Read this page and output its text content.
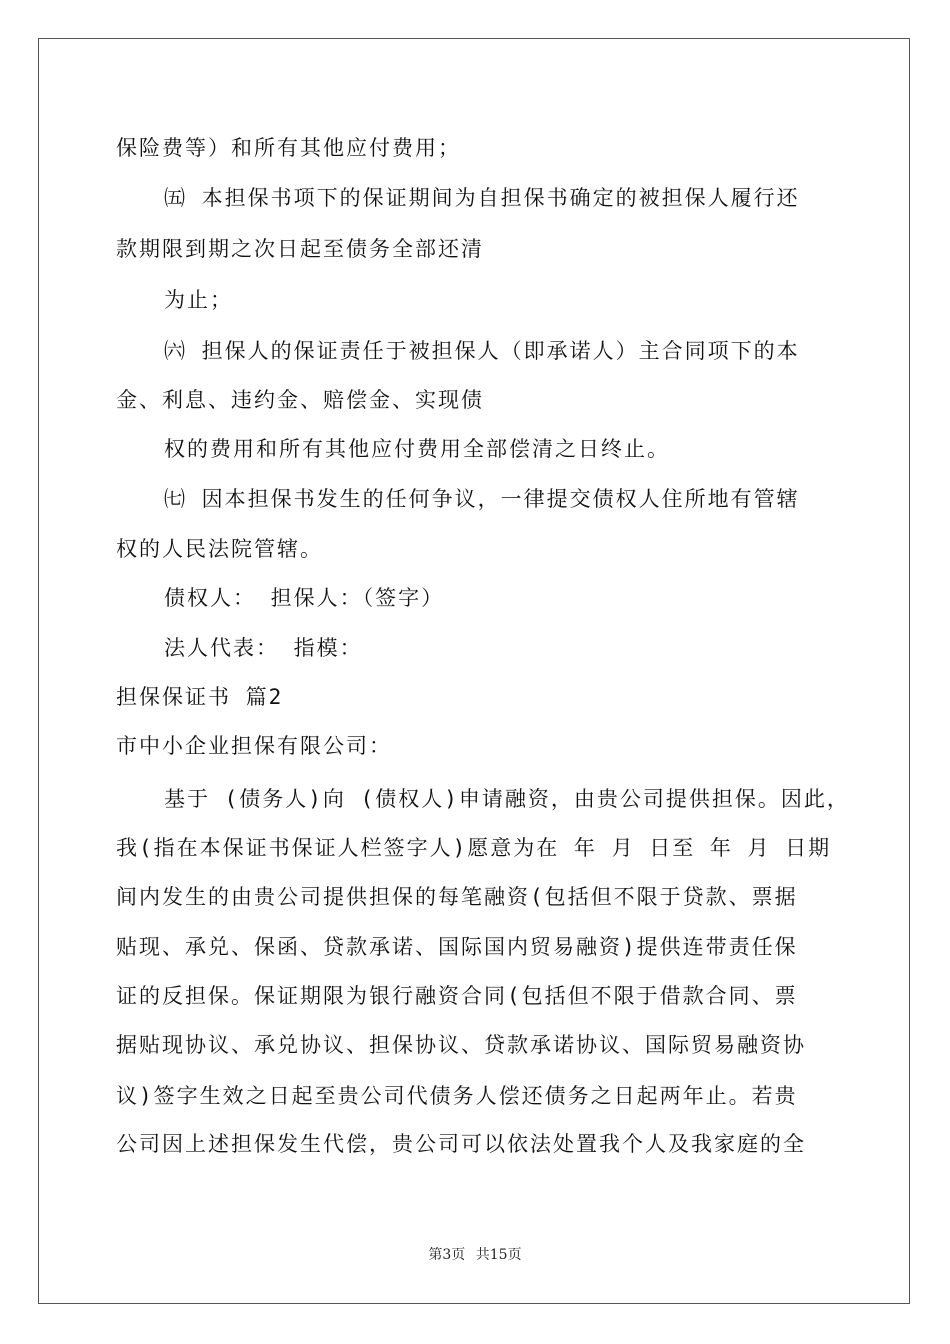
保险费等）和所有其他应付费用；
㈤ 本担保书项下的保证期间为自担保书确定的被担保人履行还
款期限到期之次日起至债务全部还清
为止；
㈥ 担保人的保证责任于被担保人（即承诺人）主合同项下的本
金、利息、违约金、赔偿金、实现债
权的费用和所有其他应付费用全部偿清之日终止。
㈦ 因本担保书发生的任何争议，一律提交债权人住所地有管辖
权的人民法院管辖。
债权人： 担保人：（签字）
法人代表： 指模：
担保保证书 篇2
市中小企业担保有限公司：
基于 (债务人)向 (债权人)申请融资，由贵公司提供担保。因此，
我(指在本保证书保证人栏签字人)愿意为在 年 月 日至 年 月 日期
间内发生的由贵公司提供担保的每笔融资(包括但不限于贷款、票据
贴现、承兑、保函、贷款承诺、国际国内贸易融资)提供连带责任保
证的反担保。保证期限为银行融资合同(包括但不限于借款合同、票
据贴现协议、承兑协议、担保协议、贷款承诺协议、国际贸易融资协
议)签字生效之日起至贵公司代债务人偿还债务之日起两年止。若贵
公司因上述担保发生代偿，贵公司可以依法处置我个人及我家庭的全
第3页 共15页
